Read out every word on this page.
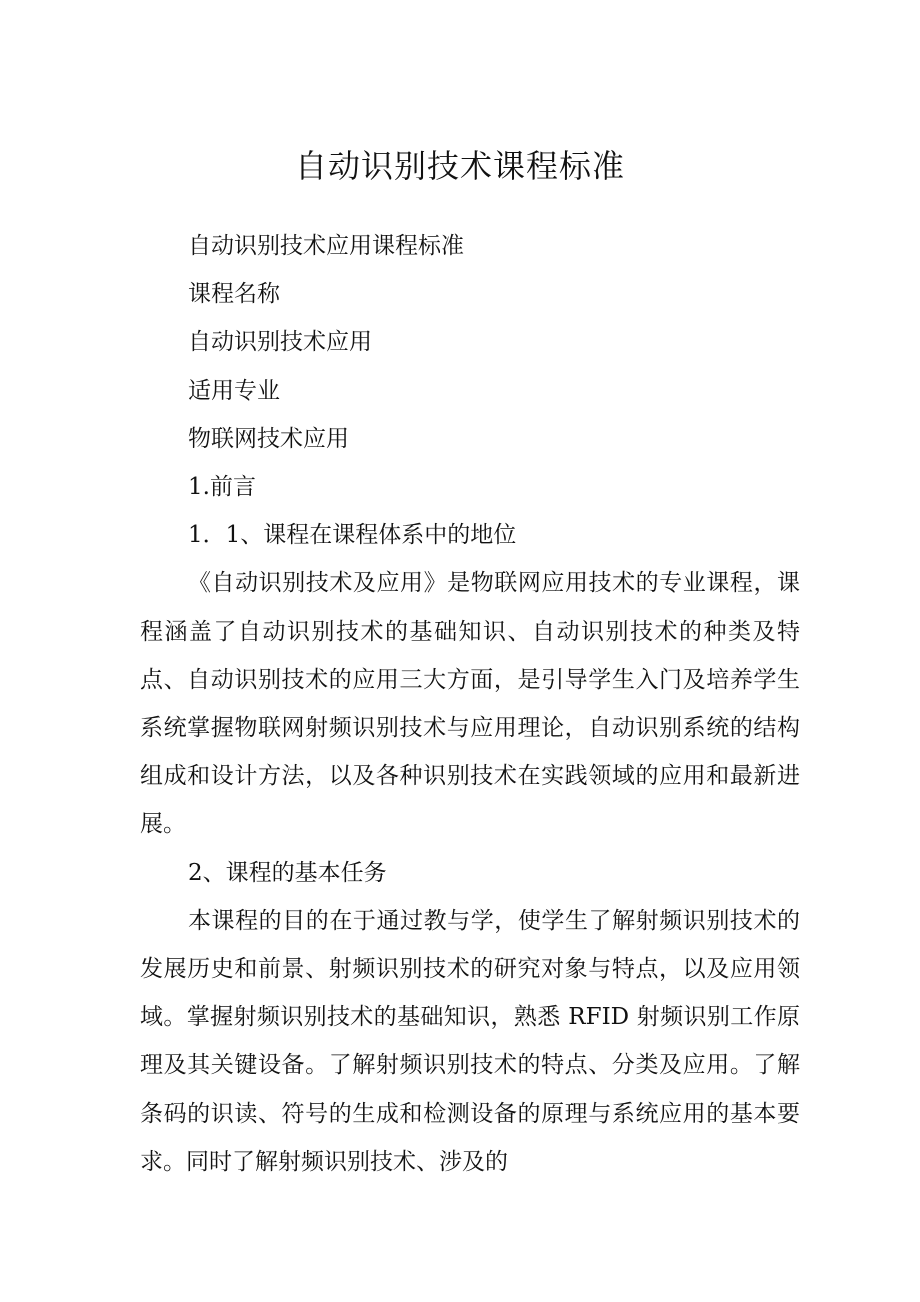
自动识别技术课程标准

自动识别技术应用课程标准

课程名称

自动识别技术应用

适用专业

物联网技术应用

1.前言

1．1、课程在课程体系中的地位

《自动识别技术及应用》是物联网应用技术的专业课程，课程涵盖了自动识别技术的基础知识、自动识别技术的种类及特点、自动识别技术的应用三大方面，是引导学生入门及培养学生系统掌握物联网射频识别技术与应用理论，自动识别系统的结构组成和设计方法，以及各种识别技术在实践领域的应用和最新进展。

2、课程的基本任务

本课程的目的在于通过教与学，使学生了解射频识别技术的发展历史和前景、射频识别技术的研究对象与特点，以及应用领域。掌握射频识别技术的基础知识，熟悉 RFID 射频识别工作原理及其关键设备。了解射频识别技术的特点、分类及应用。了解条码的识读、符号的生成和检测设备的原理与系统应用的基本要求。同时了解射频识别技术、涉及的
